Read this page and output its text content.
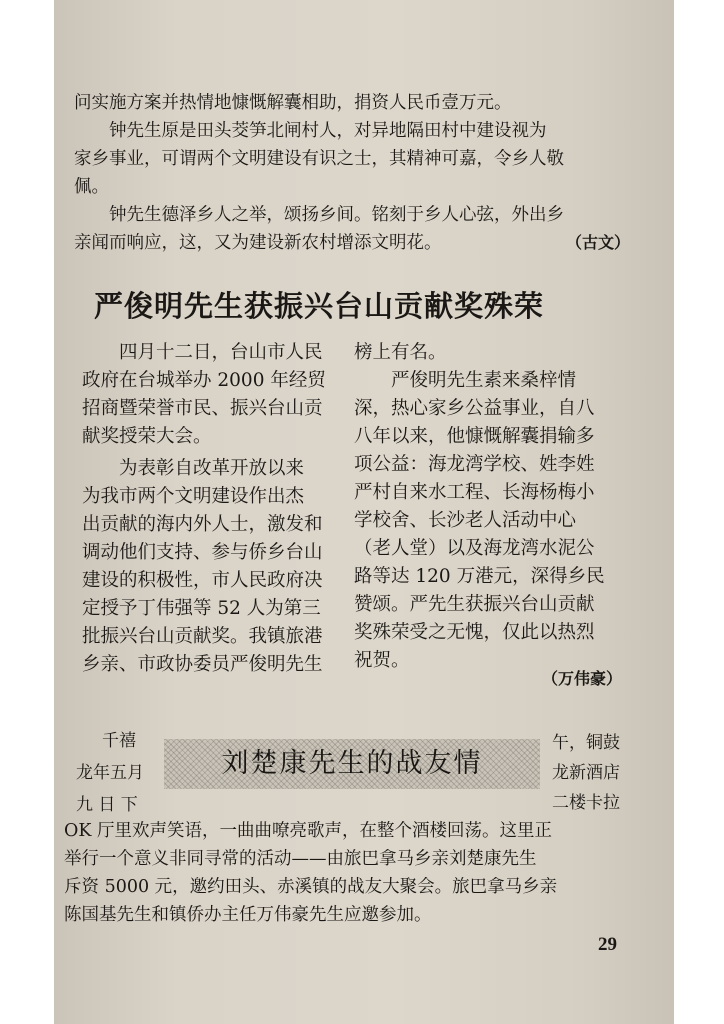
问实施方案并热情地慷慨解囊相助，捐资人民币壹万元。
　　钟先生原是田头茭笋北闸村人，对异地隔田村中建设视为
家乡事业，可谓两个文明建设有识之士，其精神可嘉，令乡人敬
佩。
　　钟先生德泽乡人之举，颂扬乡间。铭刻于乡人心弦，外出乡
亲闻而响应，这，又为建设新农村增添文明花。	（古文）
严俊明先生获振兴台山贡献奖殊荣
　　四月十二日，台山市人民
政府在台城举办 2000 年经贸
招商暨荣誉市民、振兴台山贡
献奖授荣大会。
　　为表彰自改革开放以来
为我市两个文明建设作出杰
出贡献的海内外人士，激发和
调动他们支持、参与侨乡台山
建设的积极性，市人民政府决
定授予丁伟强等 52 人为第三
批振兴台山贡献奖。我镇旅港
乡亲、市政协委员严俊明先生
榜上有名。
　　严俊明先生素来桑梓情
深，热心家乡公益事业，自八
八年以来，他慷慨解囊捐输多
项公益：海龙湾学校、姓李姓
严村自来水工程、长海杨梅小
学校舍、长沙老人活动中心
（老人堂）以及海龙湾水泥公
路等达 120 万港元，深得乡民
赞颂。严先生获振兴台山贡献
奖殊荣受之无愧，仅此以热烈
祝贺。
（万伟豪）
千禧
龙年五月
九 日 下
刘楚康先生的战友情
午，铜鼓
龙新酒店
二楼卡拉
OK 厅里欢声笑语，一曲曲嘹亮歌声，在整个酒楼回荡。这里正
举行一个意义非同寻常的活动——由旅巴拿马乡亲刘楚康先生
斥资 5000 元，邀约田头、赤溪镇的战友大聚会。旅巴拿马乡亲
陈国基先生和镇侨办主任万伟豪先生应邀参加。
29
